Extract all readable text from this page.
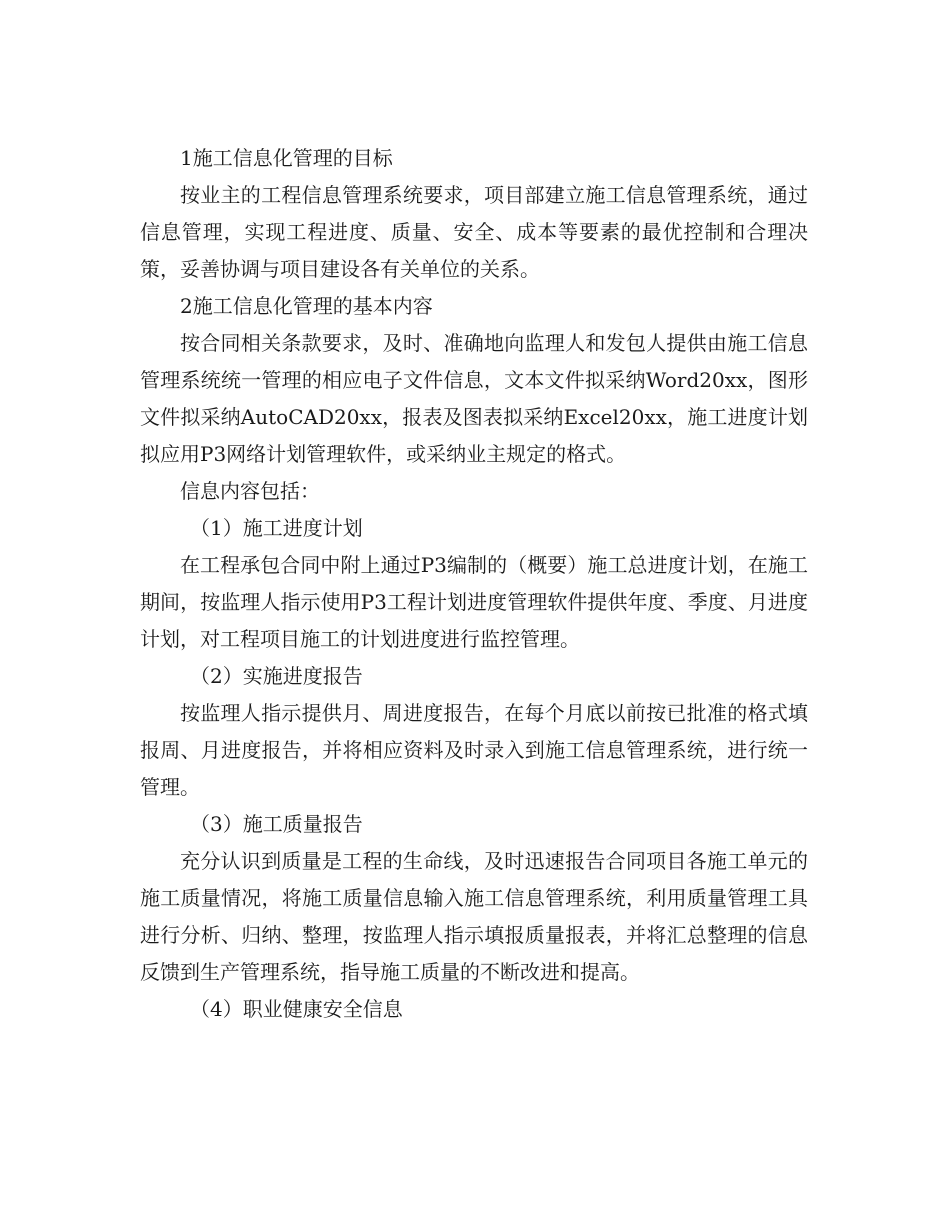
1施工信息化管理的目标

按业主的工程信息管理系统要求，项目部建立施工信息管理系统，通过信息管理，实现工程进度、质量、安全、成本等要素的最优控制和合理决策，妥善协调与项目建设各有关单位的关系。

2施工信息化管理的基本内容

按合同相关条款要求，及时、准确地向监理人和发包人提供由施工信息管理系统统一管理的相应电子文件信息，文本文件拟采纳Word20xx，图形文件拟采纳AutoCAD20xx，报表及图表拟采纳Excel20xx，施工进度计划拟应用P3网络计划管理软件，或采纳业主规定的格式。

信息内容包括：

（1）施工进度计划

在工程承包合同中附上通过P3编制的（概要）施工总进度计划，在施工期间，按监理人指示使用P3工程计划进度管理软件提供年度、季度、月进度计划，对工程项目施工的计划进度进行监控管理。

（2）实施进度报告

按监理人指示提供月、周进度报告，在每个月底以前按已批准的格式填报周、月进度报告，并将相应资料及时录入到施工信息管理系统，进行统一管理。

（3）施工质量报告

充分认识到质量是工程的生命线，及时迅速报告合同项目各施工单元的施工质量情况，将施工质量信息输入施工信息管理系统，利用质量管理工具进行分析、归纳、整理，按监理人指示填报质量报表，并将汇总整理的信息反馈到生产管理系统，指导施工质量的不断改进和提高。

（4）职业健康安全信息
